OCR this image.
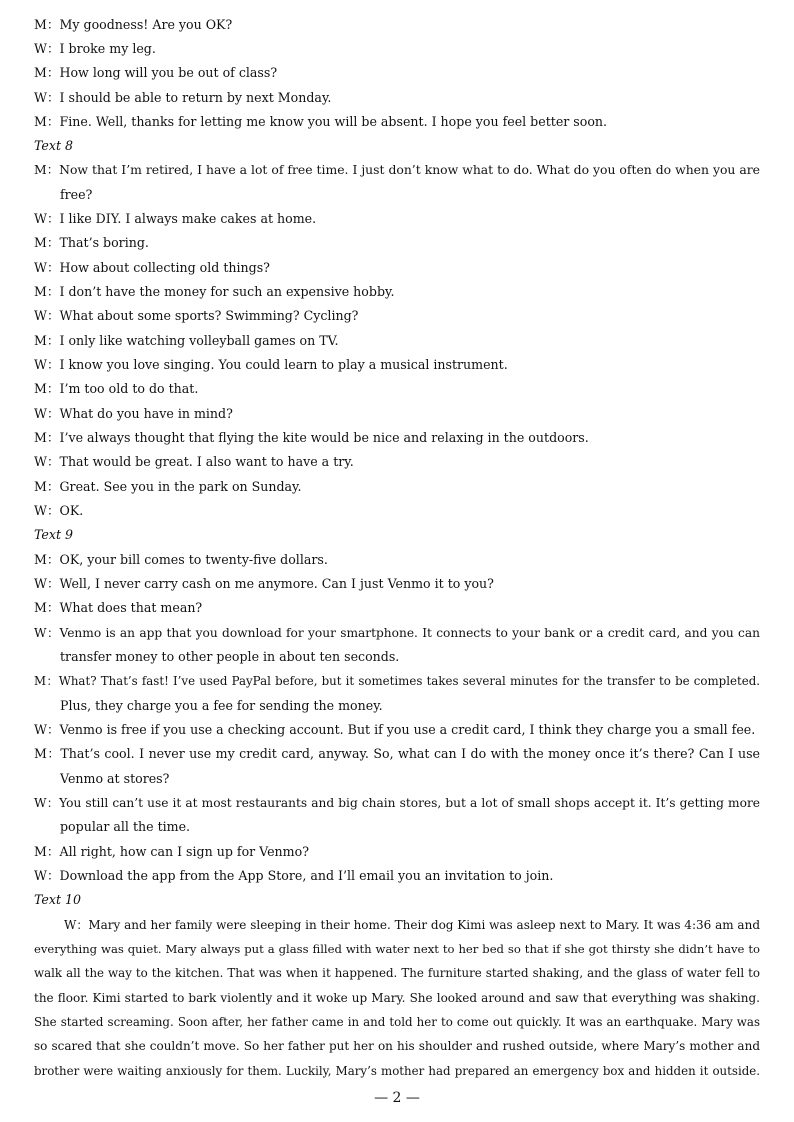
M：My goodness! Are you OK?
W：I broke my leg.
M：How long will you be out of class?
W：I should be able to return by next Monday.
M：Fine. Well, thanks for letting me know you will be absent. I hope you feel better soon.
Text 8
M：Now that I’m retired, I have a lot of free time. I just don’t know what to do. What do you often do when you are
free?
W：I like DIY. I always make cakes at home.
M：That’s boring.
W：How about collecting old things?
M：I don’t have the money for such an expensive hobby.
W：What about some sports? Swimming? Cycling?
M：I only like watching volleyball games on TV.
W：I know you love singing. You could learn to play a musical instrument.
M：I’m too old to do that.
W：What do you have in mind?
M：I’ve always thought that flying the kite would be nice and relaxing in the outdoors.
W：That would be great. I also want to have a try.
M：Great. See you in the park on Sunday.
W：OK.
Text 9
M：OK, your bill comes to twenty-five dollars.
W：Well, I never carry cash on me anymore. Can I just Venmo it to you?
M：What does that mean?
W：Venmo is an app that you download for your smartphone. It connects to your bank or a credit card, and you can
transfer money to other people in about ten seconds.
M：What? That’s fast! I’ve used PayPal before, but it sometimes takes several minutes for the transfer to be completed.
Plus, they charge you a fee for sending the money.
W：Venmo is free if you use a checking account. But if you use a credit card, I think they charge you a small fee.
M：That’s cool. I never use my credit card, anyway. So, what can I do with the money once it’s there? Can I use
Venmo at stores?
W：You still can’t use it at most restaurants and big chain stores, but a lot of small shops accept it. It’s getting more
popular all the time.
M：All right, how can I sign up for Venmo?
W：Download the app from the App Store, and I’ll email you an invitation to join.
Text 10
W：Mary and her family were sleeping in their home. Their dog Kimi was asleep next to Mary. It was 4:36 am and
everything was quiet. Mary always put a glass filled with water next to her bed so that if she got thirsty she didn’t have to
walk all the way to the kitchen. That was when it happened. The furniture started shaking, and the glass of water fell to
the floor. Kimi started to bark violently and it woke up Mary. She looked around and saw that everything was shaking.
She started screaming. Soon after, her father came in and told her to come out quickly. It was an earthquake. Mary was
so scared that she couldn’t move. So her father put her on his shoulder and rushed outside, where Mary’s mother and
brother were waiting anxiously for them. Luckily, Mary’s mother had prepared an emergency box and hidden it outside.
— 2 —
